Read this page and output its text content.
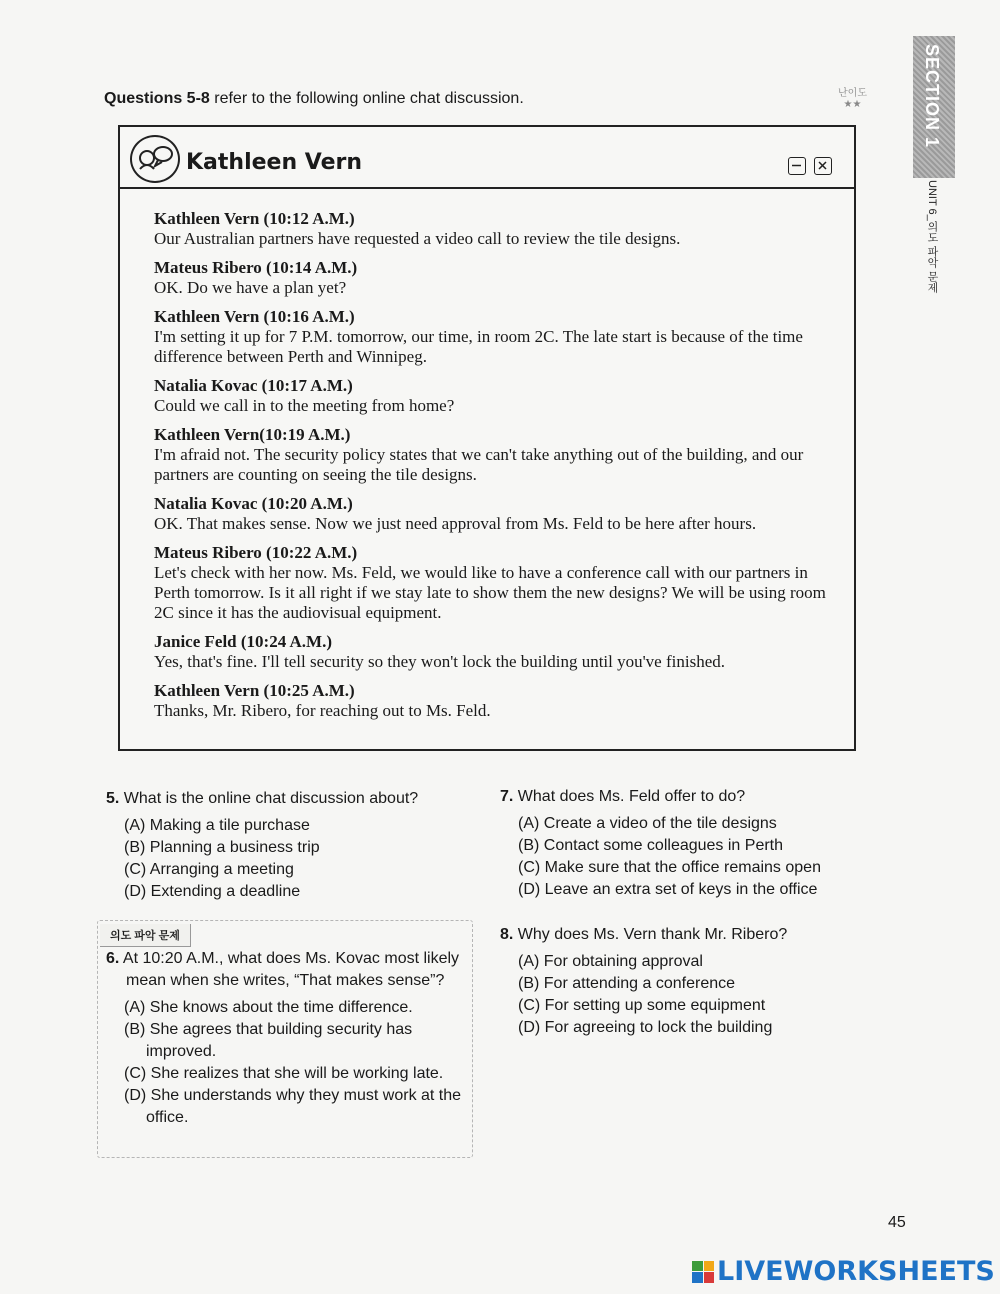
Questions 5-8 refer to the following online chat discussion.	난이도
★★	SECTION 1
UNIT 6_의도 파악 문제
Kathleen Vern
Kathleen Vern (10:12 A.M.)
Our Australian partners have requested a video call to review the tile designs.
Mateus Ribero (10:14 A.M.)
OK. Do we have a plan yet?
Kathleen Vern (10:16 A.M.)
I'm setting it up for 7 P.M. tomorrow, our time, in room 2C. The late start is because of the time difference between Perth and Winnipeg.
Natalia Kovac (10:17 A.M.)
Could we call in to the meeting from home?
Kathleen Vern(10:19 A.M.)
I'm afraid not. The security policy states that we can't take anything out of the building, and our partners are counting on seeing the tile designs.
Natalia Kovac (10:20 A.M.)
OK. That makes sense. Now we just need approval from Ms. Feld to be here after hours.
Mateus Ribero (10:22 A.M.)
Let's check with her now. Ms. Feld, we would like to have a conference call with our partners in Perth tomorrow. Is it all right if we stay late to show them the new designs? We will be using room 2C since it has the audiovisual equipment.
Janice Feld (10:24 A.M.)
Yes, that's fine. I'll tell security so they won't lock the building until you've finished.
Kathleen Vern (10:25 A.M.)
Thanks, Mr. Ribero, for reaching out to Ms. Feld.
5. What is the online chat discussion about?
(A) Making a tile purchase
(B) Planning a business trip
(C) Arranging a meeting
(D) Extending a deadline
의도 파악 문제
6. At 10:20 A.M., what does Ms. Kovac most likely mean when she writes, “That makes sense”?
(A) She knows about the time difference.
(B) She agrees that building security has improved.
(C) She realizes that she will be working late.
(D) She understands why they must work at the office.
7. What does Ms. Feld offer to do?
(A) Create a video of the tile designs
(B) Contact some colleagues in Perth
(C) Make sure that the office remains open
(D) Leave an extra set of keys in the office
8. Why does Ms. Vern thank Mr. Ribero?
(A) For obtaining approval
(B) For attending a conference
(C) For setting up some equipment
(D) For agreeing to lock the building
45
LIVEWORKSHEETS
